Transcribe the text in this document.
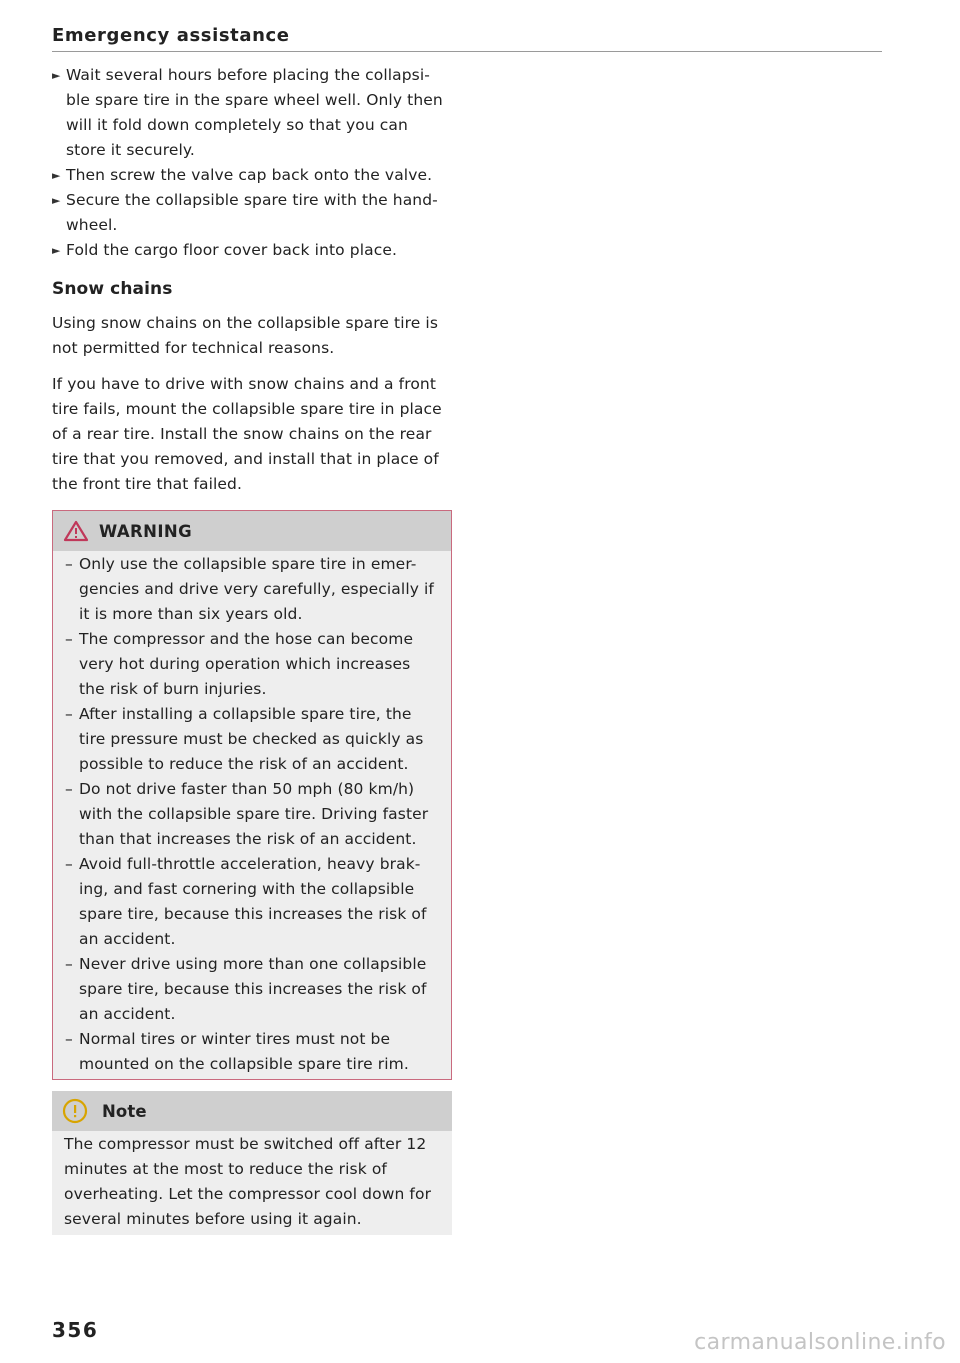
Emergency assistance
► Wait several hours before placing the collapsi- ble spare tire in the spare wheel well. Only then will it fold down completely so that you can store it securely.
► Then screw the valve cap back onto the valve.
► Secure the collapsible spare tire with the hand- wheel.
► Fold the cargo floor cover back into place.
Snow chains
Using snow chains on the collapsible spare tire is not permitted for technical reasons.
If you have to drive with snow chains and a front tire fails, mount the collapsible spare tire in place of a rear tire. Install the snow chains on the rear tire that you removed, and install that in place of the front tire that failed.
WARNING
– Only use the collapsible spare tire in emer- gencies and drive very carefully, especially if it is more than six years old.
– The compressor and the hose can become very hot during operation which increases the risk of burn injuries.
– After installing a collapsible spare tire, the tire pressure must be checked as quickly as possible to reduce the risk of an accident.
– Do not drive faster than 50 mph (80 km/h) with the collapsible spare tire. Driving faster than that increases the risk of an accident.
– Avoid full-throttle acceleration, heavy brak- ing, and fast cornering with the collapsible spare tire, because this increases the risk of an accident.
– Never drive using more than one collapsible spare tire, because this increases the risk of an accident.
– Normal tires or winter tires must not be mounted on the collapsible spare tire rim.
Note
The compressor must be switched off after 12 minutes at the most to reduce the risk of overheating. Let the compressor cool down for several minutes before using it again.
356	carmanualsonline.info
